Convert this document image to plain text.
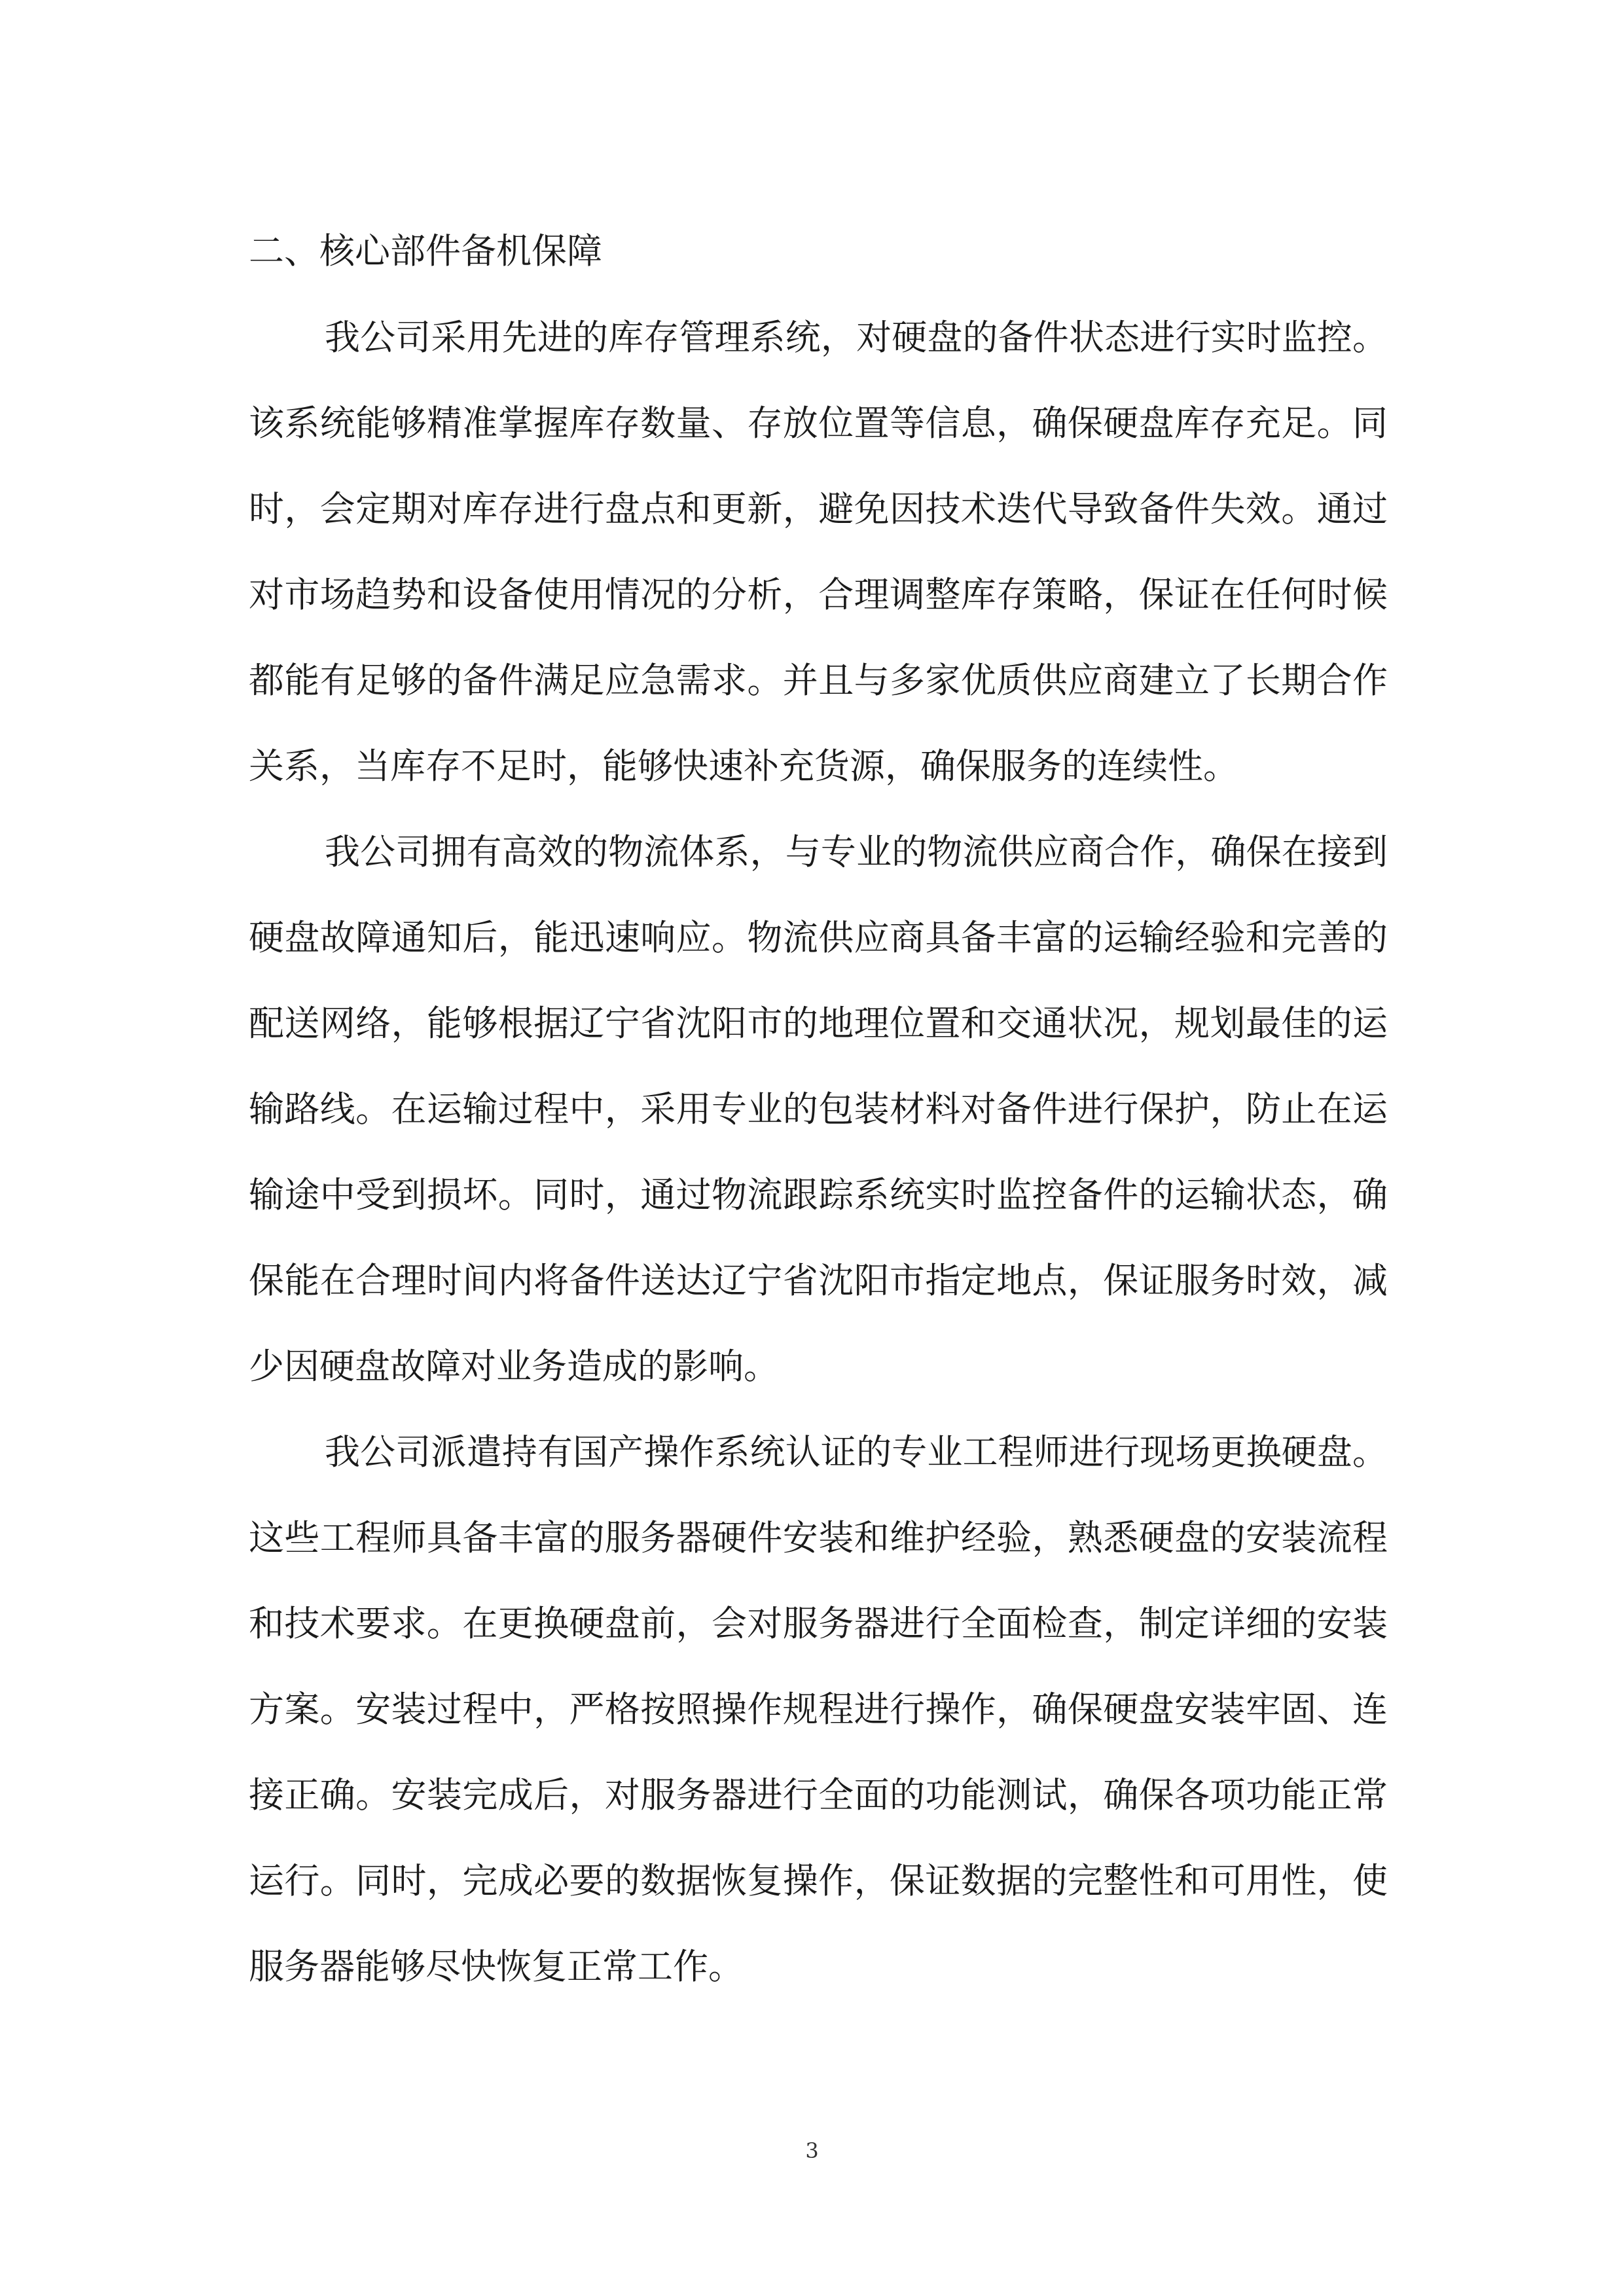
二、核心部件备机保障

我公司采用先进的库存管理系统，对硬盘的备件状态进行实时监控。该系统能够精准掌握库存数量、存放位置等信息，确保硬盘库存充足。同时，会定期对库存进行盘点和更新，避免因技术迭代导致备件失效。通过对市场趋势和设备使用情况的分析，合理调整库存策略，保证在任何时候都能有足够的备件满足应急需求。并且与多家优质供应商建立了长期合作关系，当库存不足时，能够快速补充货源，确保服务的连续性。

我公司拥有高效的物流体系，与专业的物流供应商合作，确保在接到硬盘故障通知后，能迅速响应。物流供应商具备丰富的运输经验和完善的配送网络，能够根据辽宁省沈阳市的地理位置和交通状况，规划最佳的运输路线。在运输过程中，采用专业的包装材料对备件进行保护，防止在运输途中受到损坏。同时，通过物流跟踪系统实时监控备件的运输状态，确保能在合理时间内将备件送达辽宁省沈阳市指定地点，保证服务时效，减少因硬盘故障对业务造成的影响。

我公司派遣持有国产操作系统认证的专业工程师进行现场更换硬盘。这些工程师具备丰富的服务器硬件安装和维护经验，熟悉硬盘的安装流程和技术要求。在更换硬盘前，会对服务器进行全面检查，制定详细的安装方案。安装过程中，严格按照操作规程进行操作，确保硬盘安装牢固、连接正确。安装完成后，对服务器进行全面的功能测试，确保各项功能正常运行。同时，完成必要的数据恢复操作，保证数据的完整性和可用性，使服务器能够尽快恢复正常工作。

3
